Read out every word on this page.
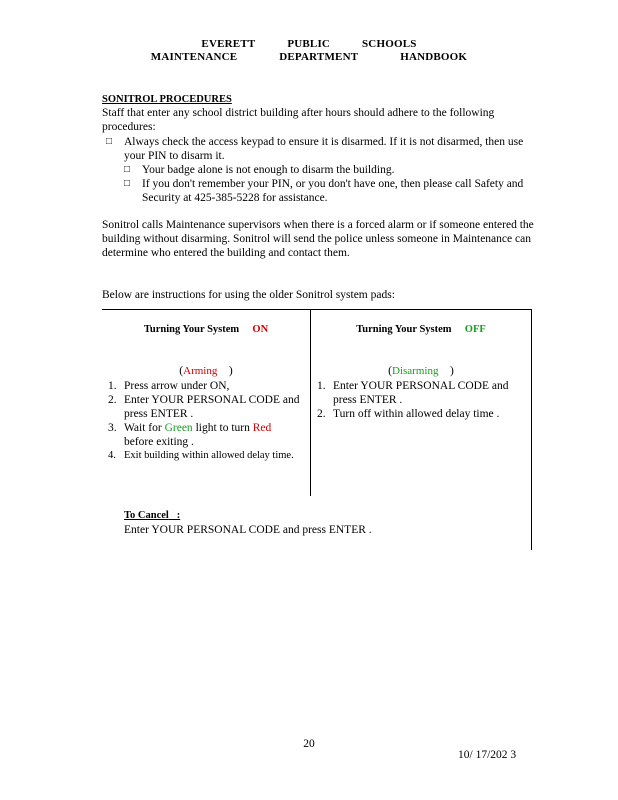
EVERETT	PUBLIC	SCHOOLS
MAINTENANCE	DEPARTMENT	HANDBOOK
SONITROL PROCEDURES
Staff that enter any school district building after hours should adhere to the following procedures:
□	Always check the access keypad to ensure it is disarmed. If it is not disarmed, then use your PIN to disarm it.
□	Your badge alone is not enough to disarm the building.
□	If you don't remember your PIN, or you don't have one, then please call Safety and Security at 425-385-5228 for assistance.
Sonitrol calls Maintenance supervisors when there is a forced alarm or if someone entered the building without disarming. Sonitrol will send the police unless someone in Maintenance can determine who entered the building and contact them.
Below are instructions for using the older Sonitrol system pads:
Turning Your System ON
(Arming    )
1. Press arrow under ON,
2. Enter YOUR PERSONAL CODE and press ENTER .
3. Wait for Green light to turn Red before exiting .
4. Exit building within allowed delay time.
Turning Your System OFF
(Disarming    )
1. Enter YOUR PERSONAL CODE and press ENTER .
2. Turn off within allowed delay time .
To Cancel   :
Enter YOUR PERSONAL CODE and press ENTER .
20
10/ 17/202 3
